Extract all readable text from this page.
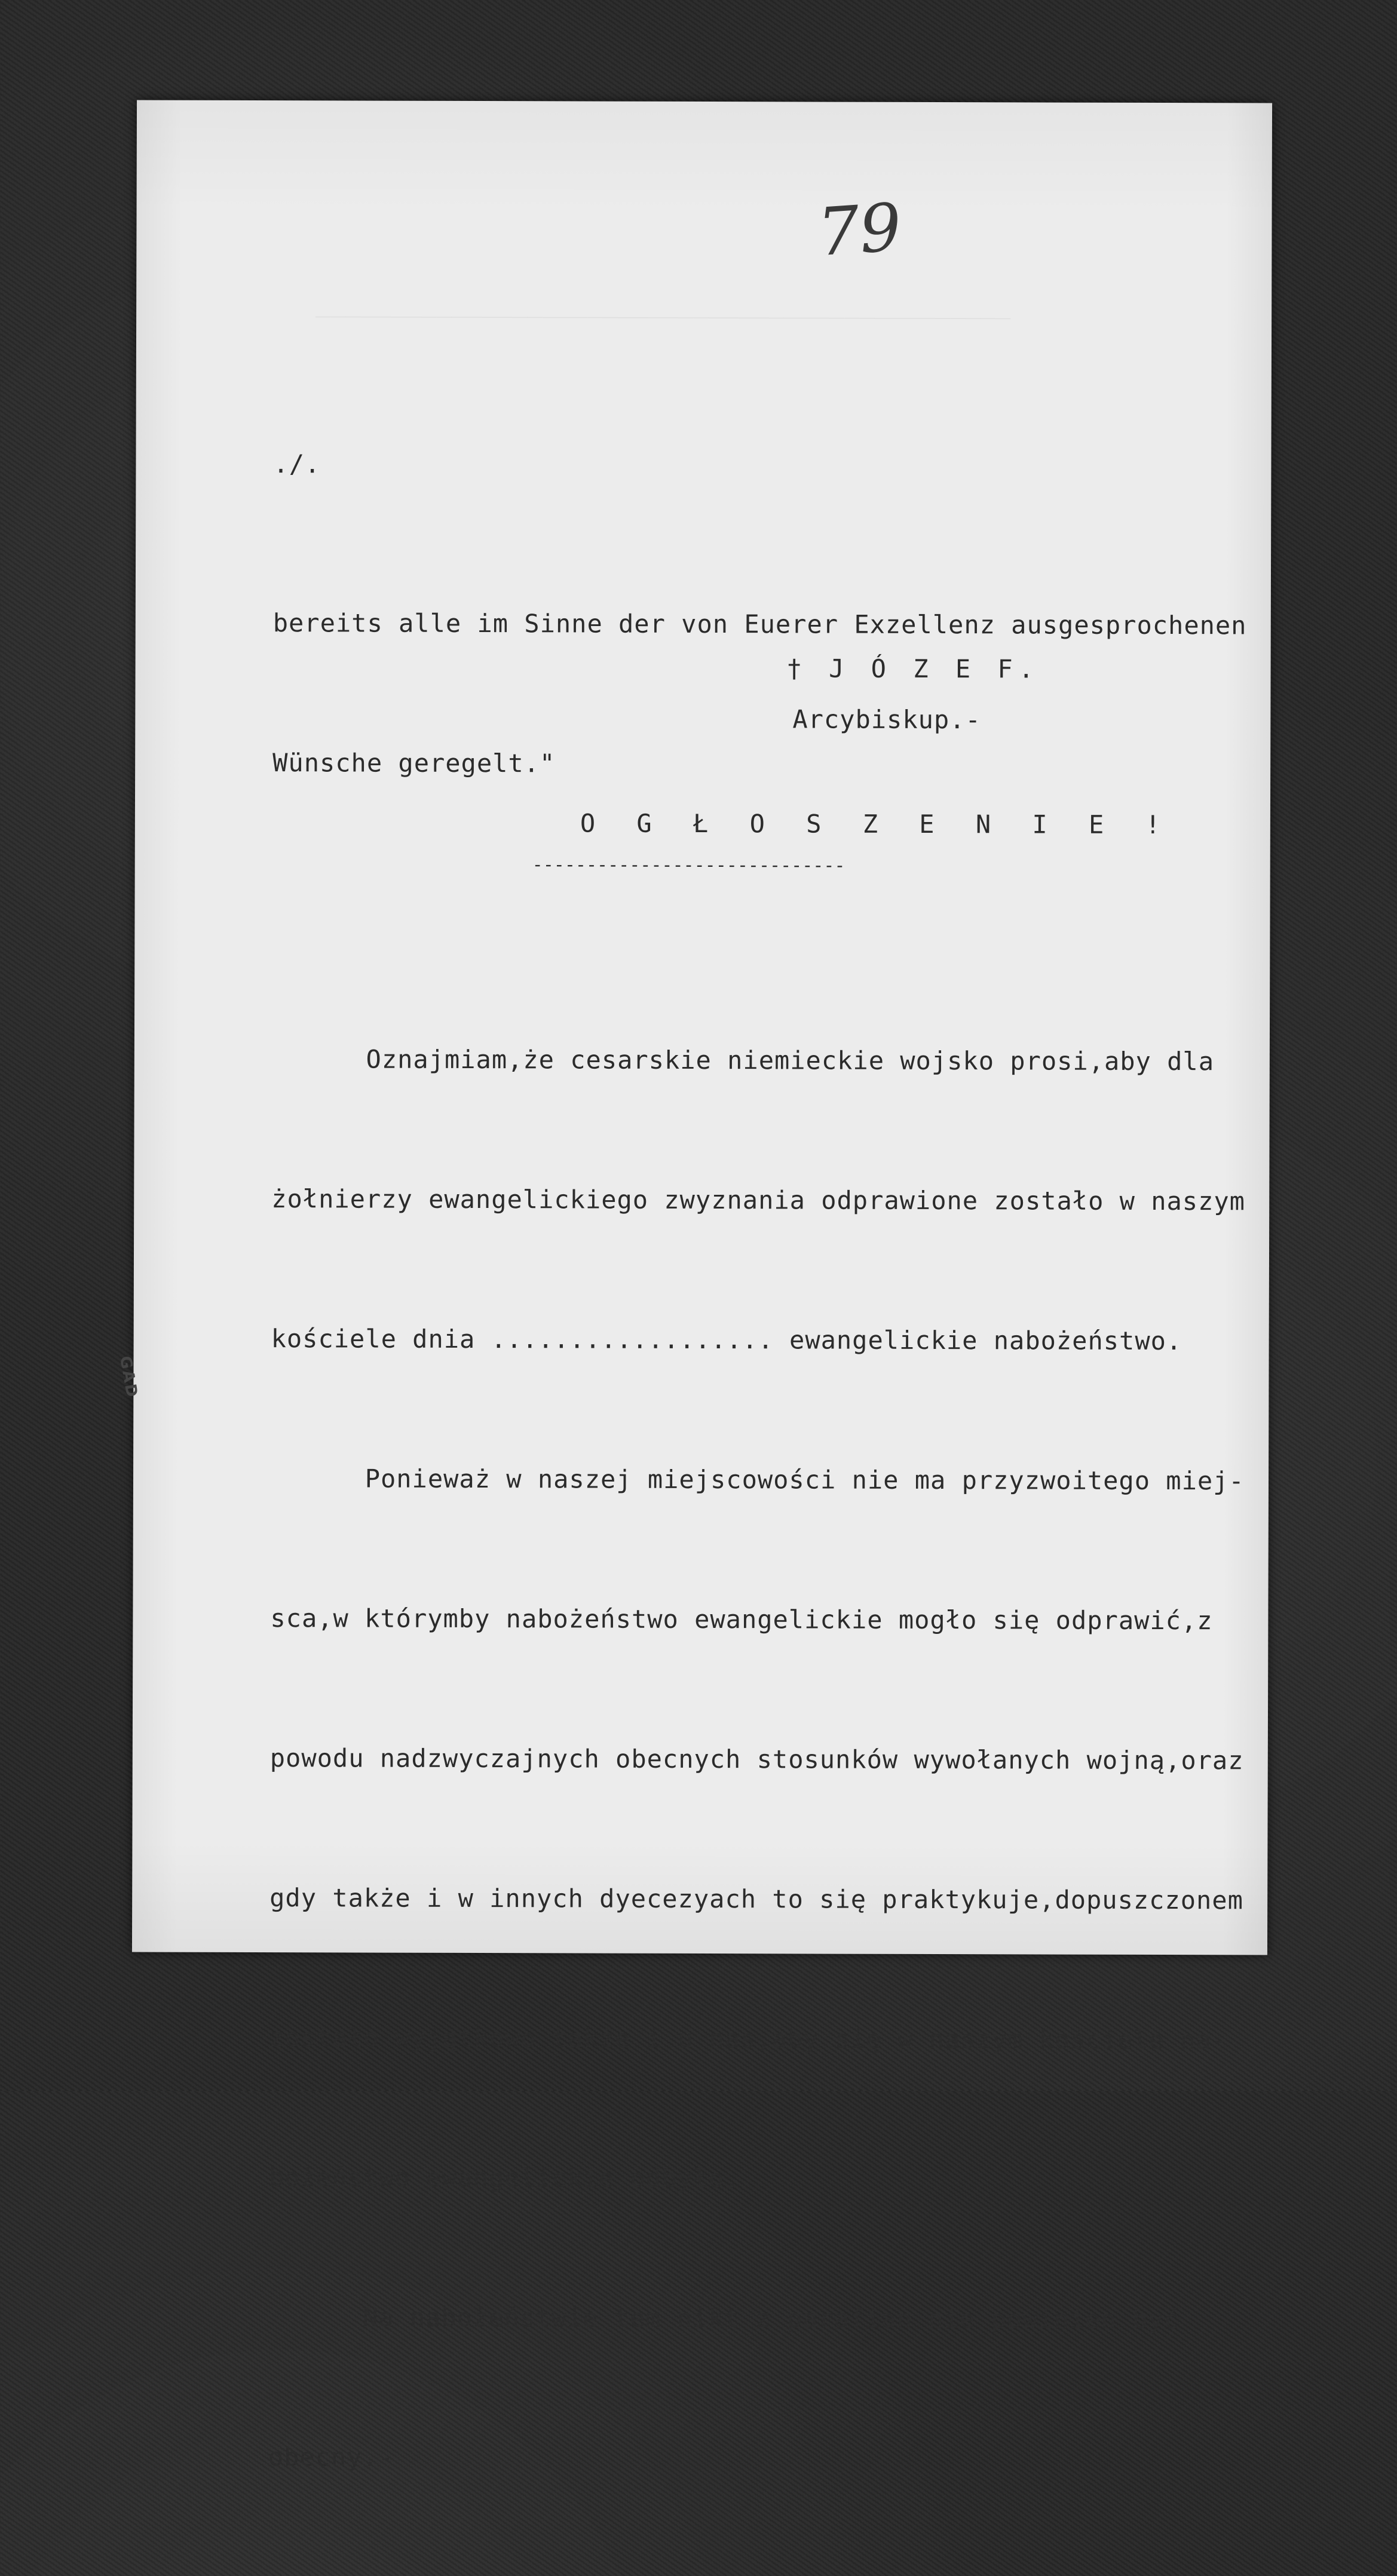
______________________________________________
79
./.

bereits alle im Sinne der von Euerer Exzellenz ausgesprochenen

Wünsche geregelt."

† J Ó Z E F.
Arcybiskup.-
O G Ł O S Z E N I E !
-----------------------------

Oznajmiam,że cesarskie niemieckie wojsko prosi,aby dla

żołnierzy ewangelickiego zwyznania odprawione zostało w naszym

kościele dnia .................. ewangelickie nabożeństwo.

Ponieważ w naszej miejscowości nie ma przyzwoitego miej-

sca,w którymby nabożeństwo ewangelickie mogło się odprawić,z

powodu nadzwyczajnych obecnych stosunków wywołanych wojną,oraz

gdy także i w innych dyecezyach to się praktykuje,dopuszczonem

zostało wyjątkowo także i u nas,aby się w naszym kościele na-

bożeństwo ewangelickie odbyło.

Na nabożeństwie tem nikt z parafian nie powinien być

obecny.-

GAD
